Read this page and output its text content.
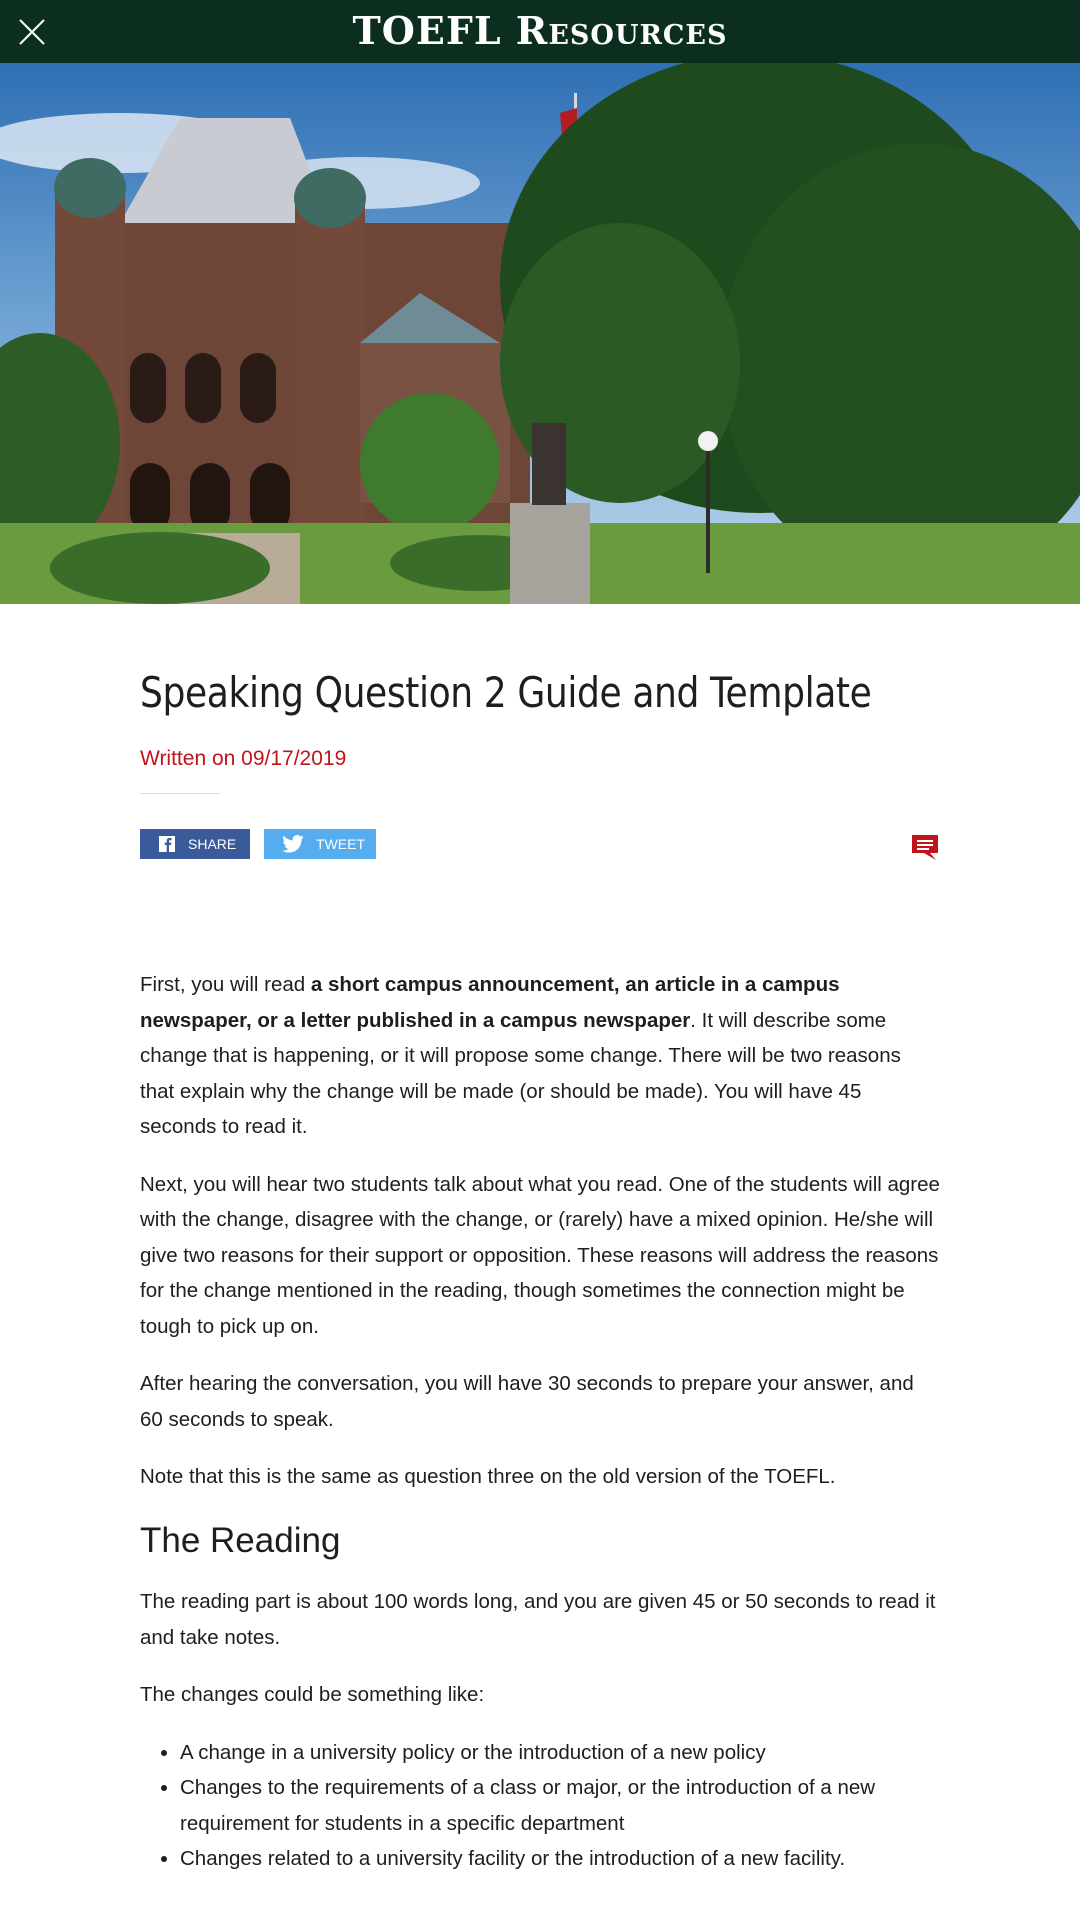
TOEFL Resources
Speaking Question 2 Guide and Template
Written on 09/17/2019
SHARE	TWEET

First, you will read a short campus announcement, an article in a campus newspaper, or a letter published in a campus newspaper. It will describe some change that is happening, or it will propose some change. There will be two reasons that explain why the change will be made (or should be made). You will have 45 seconds to read it.

Next, you will hear two students talk about what you read. One of the students will agree with the change, disagree with the change, or (rarely) have a mixed opinion. He/she will give two reasons for their support or opposition. These reasons will address the reasons for the change mentioned in the reading, though sometimes the connection might be tough to pick up on.

After hearing the conversation, you will have 30 seconds to prepare your answer, and 60 seconds to speak.

Note that this is the same as question three on the old version of the TOEFL.

The Reading

The reading part is about 100 words long, and you are given 45 or 50 seconds to read it and take notes.

The changes could be something like:

• A change in a university policy or the introduction of a new policy
• Changes to the requirements of a class or major, or the introduction of a new requirement for students in a specific department
• Changes related to a university facility or the introduction of a new facility.
